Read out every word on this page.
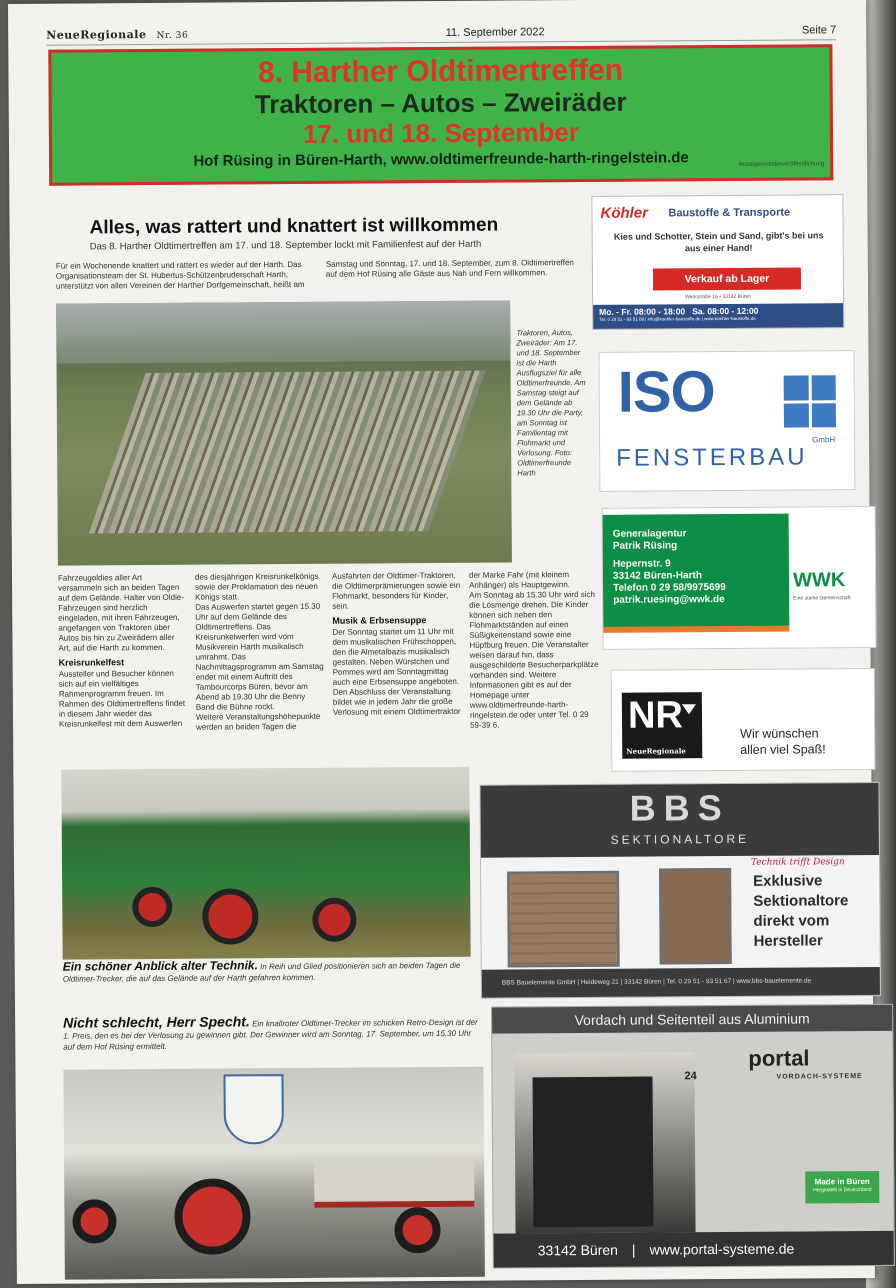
NeueRegionale Nr. 36	11. September 2022	Seite 7
8. Harther Oldtimertreffen
Traktoren – Autos – Zweiräder
17. und 18. September
Hof Rüsing in Büren-Harth, www.oldtimerfreunde-harth-ringelstein.de	Anzeigensonderveröffentlichung
Alles, was rattert und knattert ist willkommen
Das 8. Harther Oldtimertreffen am 17. und 18. September lockt mit Familienfest auf der Harth
Für ein Wochenende knattert und rattert es wieder auf der Harth. Das Organisationsteam der St. Hubertus-Schützenbruderschaft Harth, unterstützt von allen Vereinen der Harther Dorfgemeinschaft, heißt am Samstag und Sonntag, 17. und 18. September, zum 8. Oldtimertreffen auf dem Hof Rüsing alle Gäste aus Nah und Fern willkommen.
Traktoren, Autos, Zweiräder: Am 17. und 18. September ist die Harth Ausflugsziel für alle Oldtimerfreunde. Am Samstag steigt auf dem Gelände ab 19.30 Uhr die Party, am Sonntag ist Familientag mit Flohmarkt und Verlosung. Foto: Oldtimerfreunde Harth

Fahrzeugoldies aller Art versammeln sich an beiden Tagen auf dem Gelände. Halter von Oldie-Fahrzeugen sind herzlich eingeladen, mit ihren Fahrzeugen, angefangen von Traktoren über Autos bis hin zu Zweirädern aller Art, auf die Harth zu kommen.

Kreisrunkelfest

Aussteller und Besucher können sich auf ein vielfältiges Rahmenprogramm freuen. Im Rahmen des Oldtimertreffens findet in diesem Jahr wieder das Kreisrunkelfest mit dem Auswerfen des diesjährigen Kreisrunkelkönigs sowie der Proklamation des neuen Königs statt.

Das Auswerfen startet gegen 15.30 Uhr auf dem Gelände des Oldtimertreffens. Das Kreisrunkelwerfen wird vom Musikverein Harth musikalisch umrahmt. Das Nachmittagsprogramm am Samstag endet mit einem Auftritt des Tambourcorps Büren, bevor am Abend ab 19.30 Uhr die Benny Band die Bühne rockt.

Weitere Veranstaltungshöhepunkte werden an beiden Tagen die Ausfahrten der Oldtimer-Traktoren, die Oldtimerprämierungen sowie ein Flohmarkt, besonders für Kinder, sein.

Musik & Erbsensuppe

Der Sonntag startet um 11 Uhr mit dem musikalischen Frühschoppen, den die Almetalbazis musikalisch gestalten. Neben Würstchen und Pommes wird am Sonntagmittag auch eine Erbsensuppe angeboten. Den Abschluss der Veranstaltung bildet wie in jedem Jahr die große Verlosung mit einem Oldtimertraktor der Marke Fahr (mit kleinem Anhänger) als Hauptgewinn.

Am Sonntag ab 15.30 Uhr wird sich die Losmenge drehen. Die Kinder können sich neben den Flohmarktständen auf einen Süßigkeitenstand sowie eine Hüpfburg freuen. Die Veranstalter weisen darauf hin, dass ausgeschilderte Besucherparkplätze vorhanden sind. Weitere Informationen gibt es auf der Homepage unter www.oldtimerfreunde-harth-ringelstein.de oder unter Tel. 0 29 59-39 6.

Ein schöner Anblick alter Technik. In Reih und Glied positionieren sich an beiden Tagen die Oldtimer-Trecker, die auf das Gelände auf der Harth gefahren kommen.
Nicht schlecht, Herr Specht. Ein knallroter Oldtimer-Trecker im schicken Retro-Design ist der 1. Preis, den es bei der Verlosung zu gewinnen gibt. Der Gewinner wird am Sonntag, 17. September, um 15.30 Uhr auf dem Hof Rüsing ermittelt.
Köhler Baustoffe & Transporte
Kies und Schotter, Stein und Sand, gibt's bei uns aus einer Hand!
Verkauf ab Lager
Werkstraße 16 • 33142 Büren
Mo. - Fr. 08:00 - 18:00 Sa. 08:00 - 12:00
Tel. 0 29 51 - 93 51 09 | info@koehler-baustoffe.de | www.koehler-baustoffe.de
ISO
GmbH
FENSTERBAU
Generalagentur
Patrik Rüsing
Hepernstr. 9
33142 Büren-Harth
Telefon 0 29 58/9975699
patrik.ruesing@wwk.de
WWK
Eine starke Gemeinschaft.
NR
NeueRegionale
Wir wünschen
allen viel Spaß!
BBS
SEKTIONALTORE
Technik trifft Design
Exklusive
Sektionaltore
direkt vom
Hersteller
BBS Bauelemente GmbH | Heideweg 21 | 33142 Büren | Tel. 0 29 51 - 93 51 67 | www.bbs-bauelemente.de
Vordach und Seitenteil aus Aluminium
24
portal
VORDACH-SYSTEME
Made in Büren
Hergestellt in Deutschland
33142 Büren | www.portal-systeme.de
